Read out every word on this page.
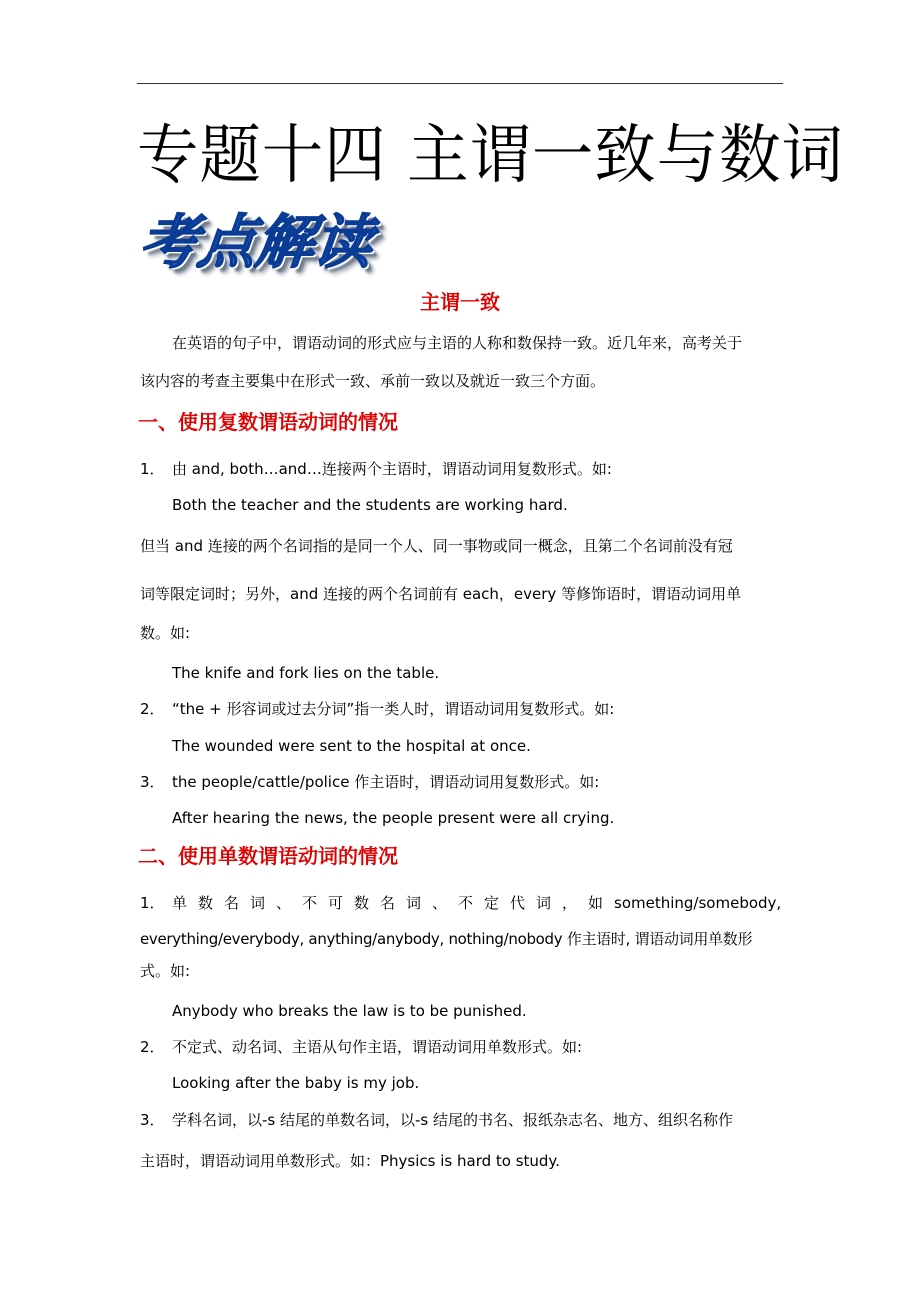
专题十四 主谓一致与数词
考点解读
主谓一致
在英语的句子中，谓语动词的形式应与主语的人称和数保持一致。近几年来，高考关于
该内容的考查主要集中在形式一致、承前一致以及就近一致三个方面。
一、使用复数谓语动词的情况
1． 由 and, both…and…连接两个主语时，谓语动词用复数形式。如:
Both the teacher and the students are working hard.
但当 and 连接的两个名词指的是同一个人、同一事物或同一概念，且第二个名词前没有冠
词等限定词时；另外，and 连接的两个名词前有 each，every 等修饰语时，谓语动词用单
数。如:
The knife and fork lies on the table.
2． “the + 形容词或过去分词”指一类人时，谓语动词用复数形式。如:
The wounded were sent to the hospital at once.
3． the people/cattle/police 作主语时，谓语动词用复数形式。如:
After hearing the news, the people present were all crying.
二、使用单数谓语动词的情况
1． 单数名词、不可数名词、不定代词，如something/somebody,
everything/everybody, anything/anybody, nothing/nobody 作主语时, 谓语动词用单数形
式。如:
Anybody who breaks the law is to be punished.
2． 不定式、动名词、主语从句作主语，谓语动词用单数形式。如:
Looking after the baby is my job.
3． 学科名词，以-s 结尾的单数名词，以-s 结尾的书名、报纸杂志名、地方、组织名称作
主语时，谓语动词用单数形式。如：Physics is hard to study.
